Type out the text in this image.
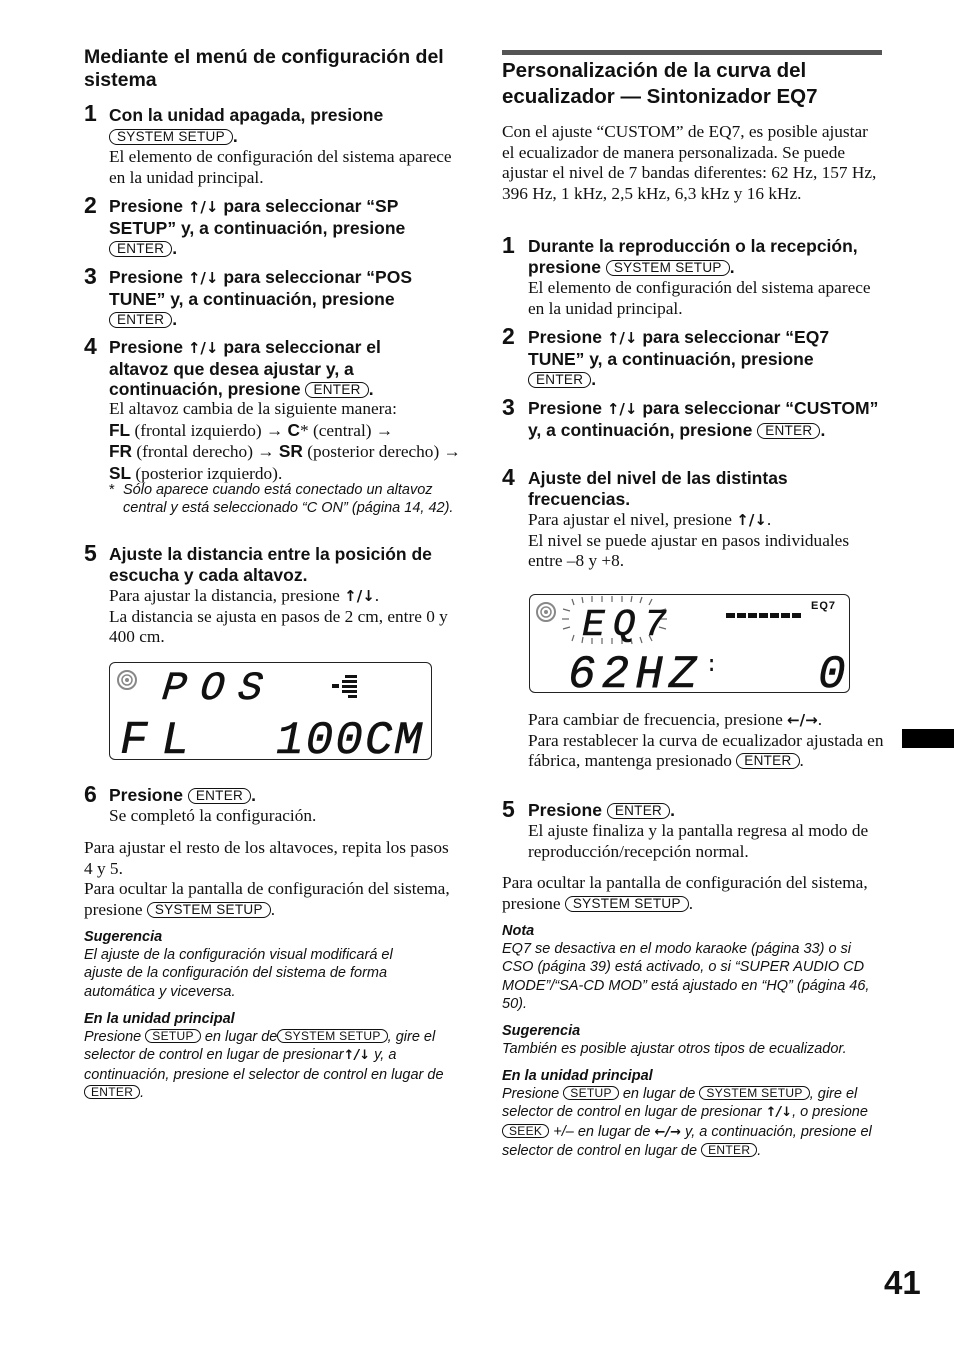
Mediante el menú de configuración del sistema
1 Con la unidad apagada, presione
SYSTEM SETUP .
El elemento de configuración del sistema aparece en la unidad principal.
2 Presione ↑/↓ para seleccionar “SP SETUP” y, a continuación, presione ENTER .
3 Presione ↑/↓ para seleccionar “POS TUNE” y, a continuación, presione ENTER .
4 Presione ↑/↓ para seleccionar el altavoz que desea ajustar y, a continuación, presione ENTER .
El altavoz cambia de la siguiente manera:
FL (frontal izquierdo) → C* (central) →
FR (frontal derecho) → SR (posterior derecho) → SL (posterior izquierdo).
* Sólo aparece cuando está conectado un altavoz central y está seleccionado “C ON” (página 14, 42).
5 Ajuste la distancia entre la posición de escucha y cada altavoz.
Para ajustar la distancia, presione ↑/↓.
La distancia se ajusta en pasos de 2 cm, entre 0 y 400 cm.
POS
FL 100CM
6 Presione ENTER .
Se completó la configuración.
Para ajustar el resto de los altavoces, repita los pasos 4 y 5.
Para ocultar la pantalla de configuración del sistema, presione SYSTEM SETUP .
Sugerencia
El ajuste de la configuración visual modificará el ajuste de la configuración del sistema de forma automática y viceversa.
En la unidad principal
Presione SETUP en lugar de SYSTEM SETUP , gire el selector de control en lugar de presionar↑/↓ y, a continuación, presione el selector de control en lugar de ENTER .
Personalización de la curva del ecualizador — Sintonizador EQ7
Con el ajuste “CUSTOM” de EQ7, es posible ajustar el ecualizador de manera personalizada. Se puede ajustar el nivel de 7 bandas diferentes: 62 Hz, 157 Hz, 396 Hz, 1 kHz, 2,5 kHz, 6,3 kHz y 16 kHz.
1 Durante la reproducción o la recepción, presione SYSTEM SETUP .
El elemento de configuración del sistema aparece en la unidad principal.
2 Presione ↑/↓ para seleccionar “EQ7 TUNE” y, a continuación, presione ENTER .
3 Presione ↑/↓ para seleccionar “CUSTOM” y, a continuación, presione ENTER .
4 Ajuste del nivel de las distintas frecuencias.
Para ajustar el nivel, presione ↑/↓.
El nivel se puede ajustar en pasos individuales entre –8 y +8.
EQ7	EQ7
62HZ : 0
Para cambiar de frecuencia, presione ←/→.
Para restablecer la curva de ecualizador ajustada en fábrica, mantenga presionado ENTER .
5 Presione ENTER .
El ajuste finaliza y la pantalla regresa al modo de reproducción/recepción normal.
Para ocultar la pantalla de configuración del sistema, presione SYSTEM SETUP .
Nota
EQ7 se desactiva en el modo karaoke (página 33) o si CSO (página 39) está activado, o si “SUPER AUDIO CD MODE”/“SA-CD MOD” está ajustado en “HQ” (página 46, 50).
Sugerencia
También es posible ajustar otros tipos de ecualizador.
En la unidad principal
Presione SETUP en lugar de SYSTEM SETUP , gire el selector de control en lugar de presionar ↑/↓, o presione SEEK +/– en lugar de ←/→ y, a continuación, presione el selector de control en lugar de ENTER .
41
